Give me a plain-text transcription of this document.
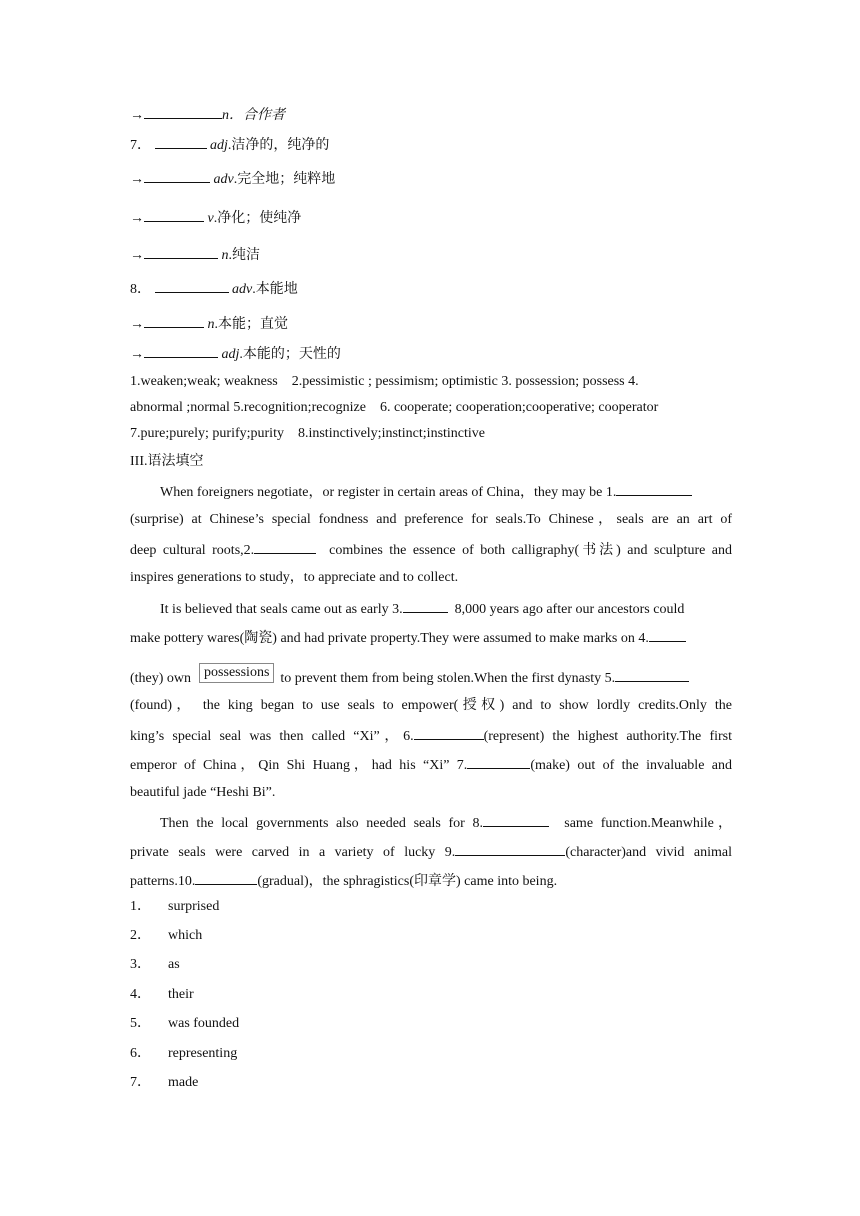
→	n．合作者
7．	adj.洁净的，纯净的
→	adv.完全地；纯粹地
→	v.净化；使纯净
→	n.纯洁
8．	adv.本能地
→	n.本能；直觉
→	adj.本能的；天性的
1.weaken;weak; weakness    2.pessimistic ; pessimism; optimistic 3. possession; possess 4.
abnormal ;normal 5.recognition;recognize    6. cooperate; cooperation;cooperative; cooperator
7.pure;purely; purify;purity    8.instinctively;instinct;instinctive
III.语法填空
When foreigners negotiate，or register in certain areas of China，they may be 1.
(surprise) at Chinese’s special fondness and preference for seals.To Chinese，seals are an art of
deep cultural roots,2.	combines the essence of both calligraphy(书法) and sculpture and
inspires generations to study，to appreciate and to collect.
It is believed that seals came out as early 3.	8,000 years ago after our ancestors could
make pottery wares(陶瓷) and had private property.They were assumed to make marks on 4.
(they) own possessions to prevent them from being stolen.When the first dynasty 5.
(found)， the king began to use seals to empower(授权) and to show lordly credits.Only the
king’s special seal was then called “Xi”，6.	(represent) the highest authority.The first
emperor of China，Qin Shi Huang，had his “Xi” 7.	(make) out of the invaluable and
beautiful jade “Heshi Bi”.
Then the local governments also needed seals for 8.	same function.Meanwhile，
private seals were carved in a variety of lucky 9.	(character)and vivid animal
patterns.10.	(gradual)，the sphragistics(印章学) came into being.
1．	surprised
2．	which
3．	as
4．	their
5．	was founded
6．	representing
7．	made
